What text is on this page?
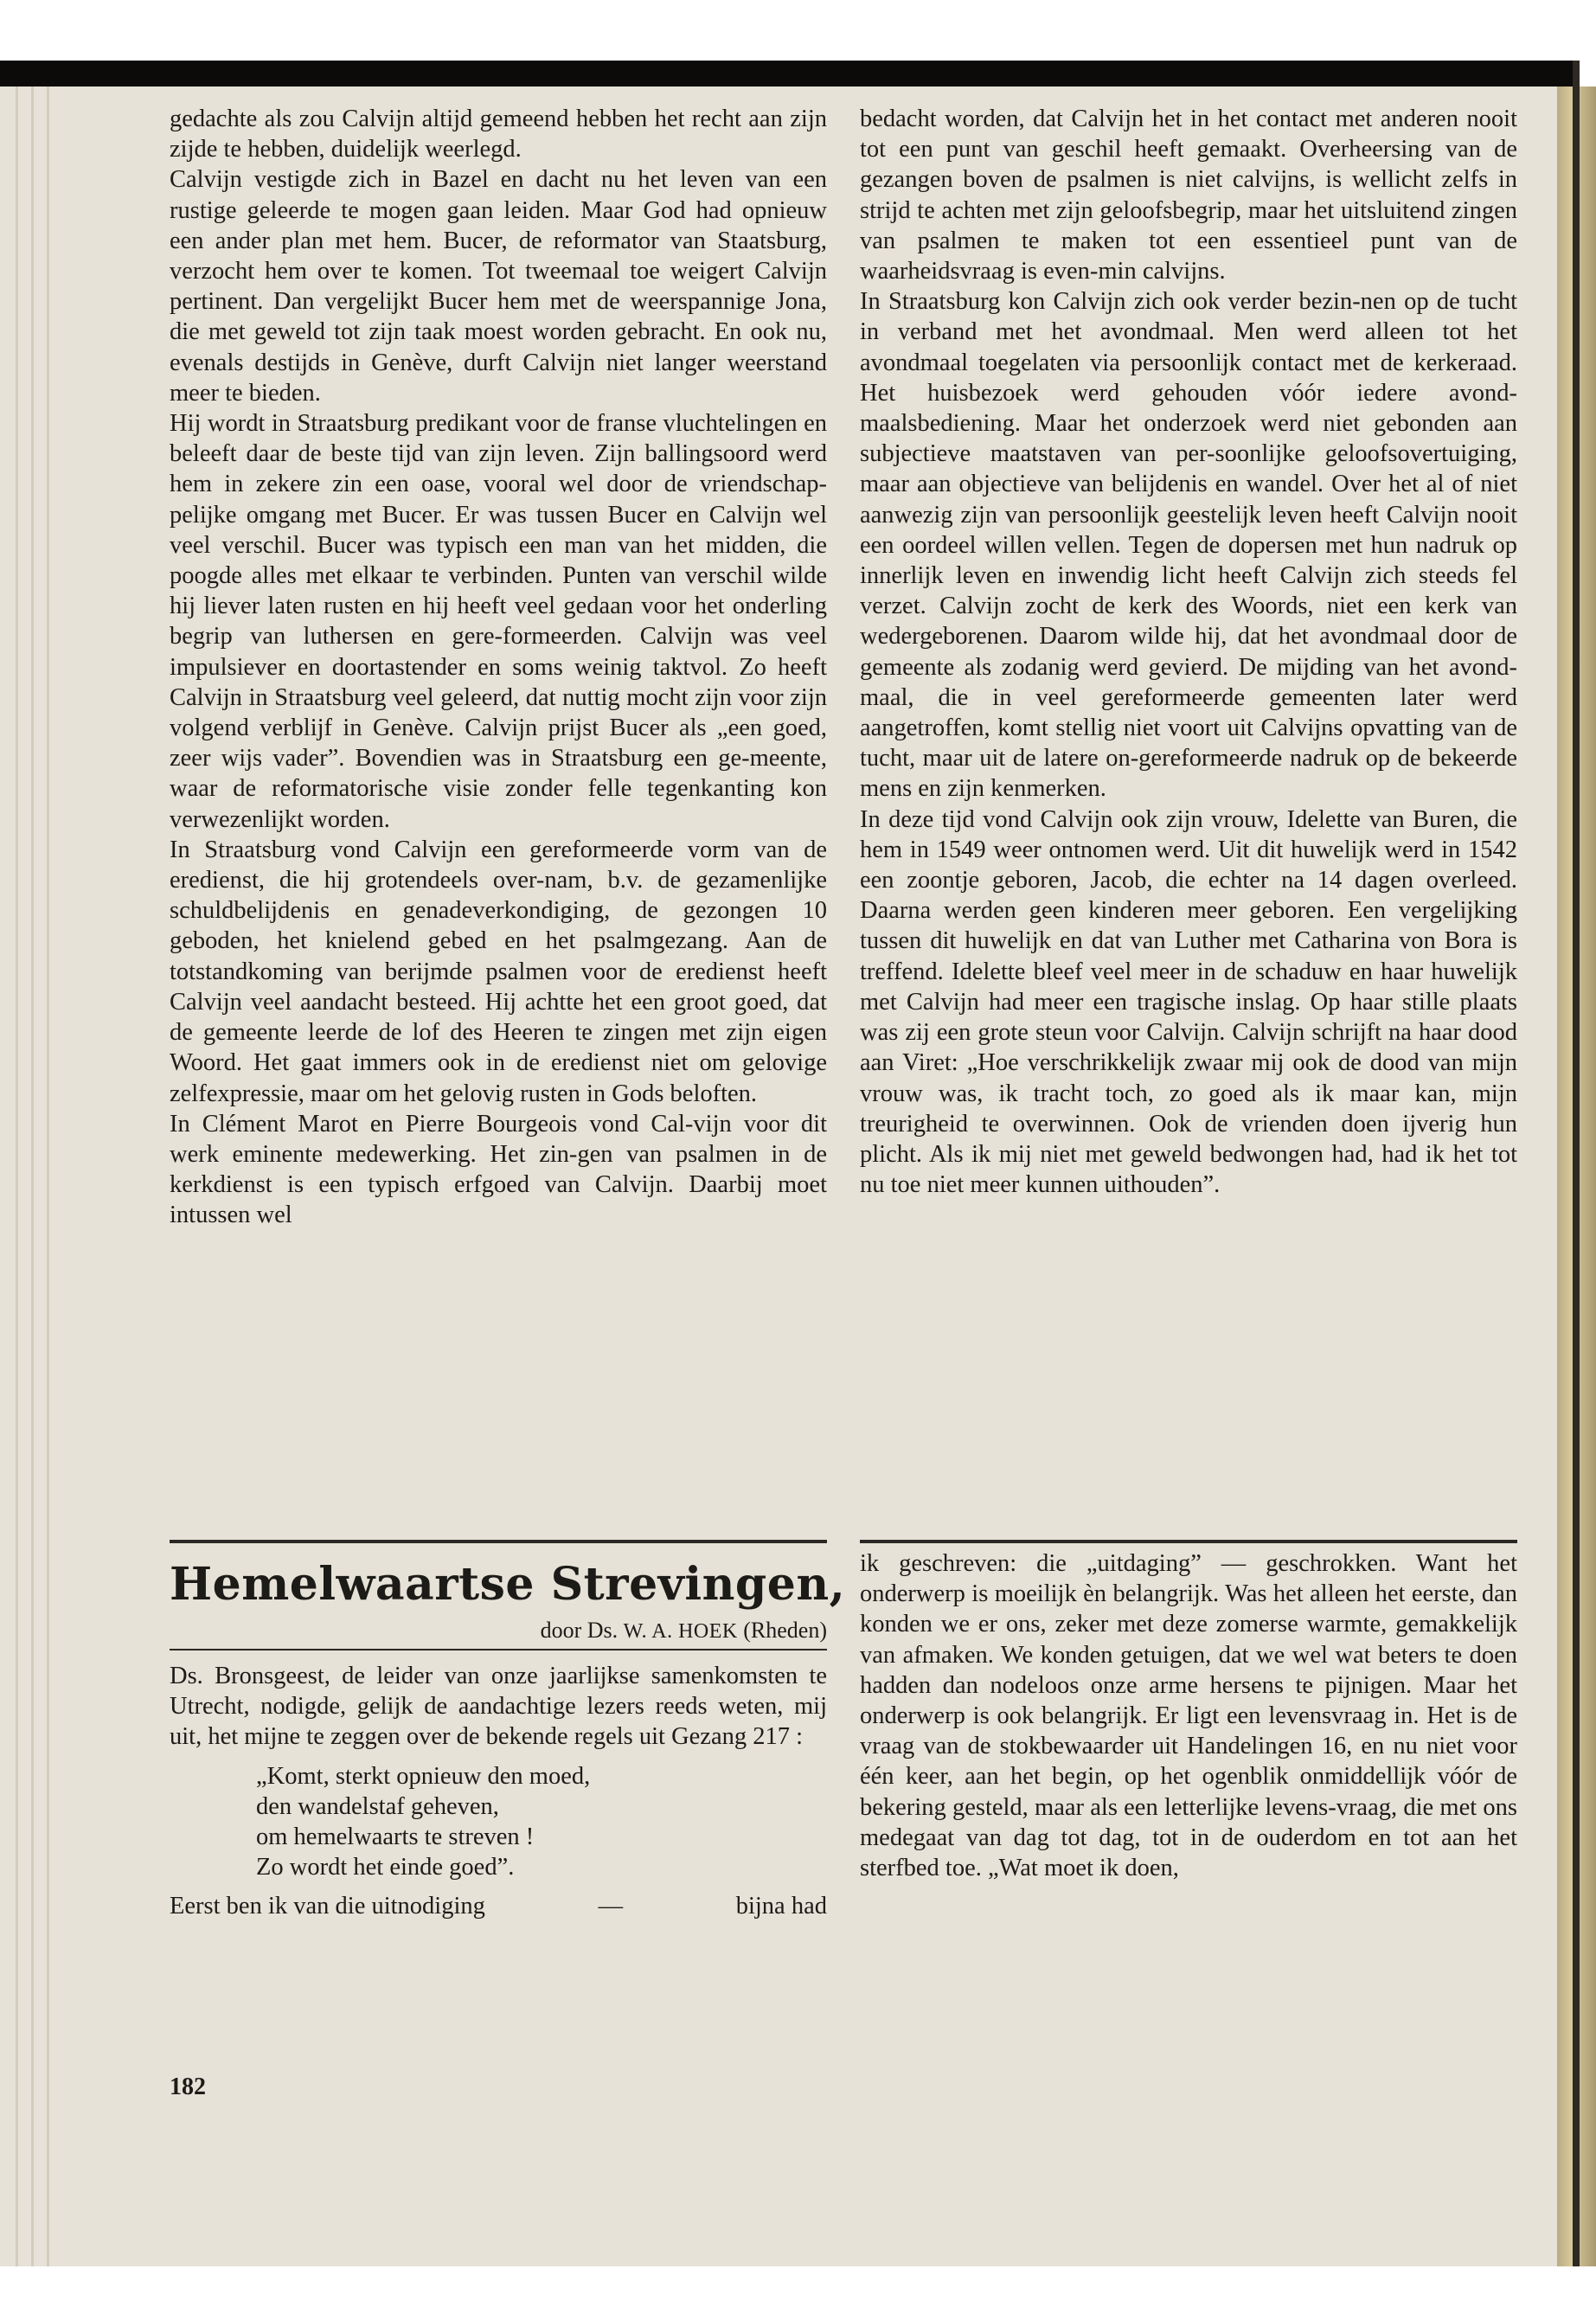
gedachte als zou Calvijn altijd gemeend hebben het recht aan zijn zijde te hebben, duidelijk weerlegd.

Calvijn vestigde zich in Bazel en dacht nu het leven van een rustige geleerde te mogen gaan leiden. Maar God had opnieuw een ander plan met hem. Bucer, de reformator van Staatsburg, verzocht hem over te komen. Tot tweemaal toe weigert Calvijn pertinent. Dan vergelijkt Bucer hem met de weerspannige Jona, die met geweld tot zijn taak moest worden gebracht. En ook nu, evenals destijds in Genève, durft Calvijn niet langer weerstand meer te bieden.

Hij wordt in Straatsburg predikant voor de franse vluchtelingen en beleeft daar de beste tijd van zijn leven. Zijn ballingsoord werd hem in zekere zin een oase, vooral wel door de vriendschap-pelijke omgang met Bucer. Er was tussen Bucer en Calvijn wel veel verschil. Bucer was typisch een man van het midden, die poogde alles met elkaar te verbinden. Punten van verschil wilde hij liever laten rusten en hij heeft veel gedaan voor het onderling begrip van luthersen en gere-formeerden. Calvijn was veel impulsiever en doortastender en soms weinig taktvol. Zo heeft Calvijn in Straatsburg veel geleerd, dat nuttig mocht zijn voor zijn volgend verblijf in Genève. Calvijn prijst Bucer als „een goed, zeer wijs vader”. Bovendien was in Straatsburg een ge-meente, waar de reformatorische visie zonder felle tegenkanting kon verwezenlijkt worden.

In Straatsburg vond Calvijn een gereformeerde vorm van de eredienst, die hij grotendeels over-nam, b.v. de gezamenlijke schuldbelijdenis en genadeverkondiging, de gezongen 10 geboden, het knielend gebed en het psalmgezang. Aan de totstandkoming van berijmde psalmen voor de eredienst heeft Calvijn veel aandacht besteed. Hij achtte het een groot goed, dat de gemeente leerde de lof des Heeren te zingen met zijn eigen Woord. Het gaat immers ook in de eredienst niet om gelovige zelfexpressie, maar om het gelovig rusten in Gods beloften.

In Clément Marot en Pierre Bourgeois vond Cal-vijn voor dit werk eminente medewerking. Het zin-gen van psalmen in de kerkdienst is een typisch erfgoed van Calvijn. Daarbij moet intussen wel

bedacht worden, dat Calvijn het in het contact met anderen nooit tot een punt van geschil heeft gemaakt. Overheersing van de gezangen boven de psalmen is niet calvijns, is wellicht zelfs in strijd te achten met zijn geloofsbegrip, maar het uitsluitend zingen van psalmen te maken tot een essentieel punt van de waarheidsvraag is even-min calvijns.

In Straatsburg kon Calvijn zich ook verder bezin-nen op de tucht in verband met het avondmaal. Men werd alleen tot het avondmaal toegelaten via persoonlijk contact met de kerkeraad. Het huisbezoek werd gehouden vóór iedere avond-maalsbediening. Maar het onderzoek werd niet gebonden aan subjectieve maatstaven van per-soonlijke geloofsovertuiging, maar aan objectieve van belijdenis en wandel. Over het al of niet aanwezig zijn van persoonlijk geestelijk leven heeft Calvijn nooit een oordeel willen vellen. Tegen de dopersen met hun nadruk op innerlijk leven en inwendig licht heeft Calvijn zich steeds fel verzet. Calvijn zocht de kerk des Woords, niet een kerk van wedergeborenen. Daarom wilde hij, dat het avondmaal door de gemeente als zodanig werd gevierd. De mijding van het avond-maal, die in veel gereformeerde gemeenten later werd aangetroffen, komt stellig niet voort uit Calvijns opvatting van de tucht, maar uit de latere on-gereformeerde nadruk op de bekeerde mens en zijn kenmerken.

In deze tijd vond Calvijn ook zijn vrouw, Idelette van Buren, die hem in 1549 weer ontnomen werd. Uit dit huwelijk werd in 1542 een zoontje geboren, Jacob, die echter na 14 dagen overleed. Daarna werden geen kinderen meer geboren. Een vergelijking tussen dit huwelijk en dat van Luther met Catharina von Bora is treffend. Idelette bleef veel meer in de schaduw en haar huwelijk met Calvijn had meer een tragische inslag. Op haar stille plaats was zij een grote steun voor Calvijn. Calvijn schrijft na haar dood aan Viret: „Hoe verschrikkelijk zwaar mij ook de dood van mijn vrouw was, ik tracht toch, zo goed als ik maar kan, mijn treurigheid te overwinnen. Ook de vrienden doen ijverig hun plicht. Als ik mij niet met geweld bedwongen had, had ik het tot nu toe niet meer kunnen uithouden”.

Hemelwaartse Strevingen,
door Ds. W. A. HOEK (Rheden)

Ds. Bronsgeest, de leider van onze jaarlijkse samenkomsten te Utrecht, nodigde, gelijk de aandachtige lezers reeds weten, mij uit, het mijne te zeggen over de bekende regels uit Gezang 217 :

„Komt, sterkt opnieuw den moed,
den wandelstaf geheven,
om hemelwaarts te streven !
Zo wordt het einde goed”.
Eerst ben ik van die uitnodiging	—	bijna had
182

ik geschreven: die „uitdaging” — geschrokken. Want het onderwerp is moeilijk èn belangrijk. Was het alleen het eerste, dan konden we er ons, zeker met deze zomerse warmte, gemakkelijk van afmaken. We konden getuigen, dat we wel wat beters te doen hadden dan nodeloos onze arme hersens te pijnigen. Maar het onderwerp is ook belangrijk. Er ligt een levensvraag in. Het is de vraag van de stokbewaarder uit Handelingen 16, en nu niet voor één keer, aan het begin, op het ogenblik onmiddellijk vóór de bekering gesteld, maar als een letterlijke levens-vraag, die met ons medegaat van dag tot dag, tot in de ouderdom en tot aan het sterfbed toe. „Wat moet ik doen,
